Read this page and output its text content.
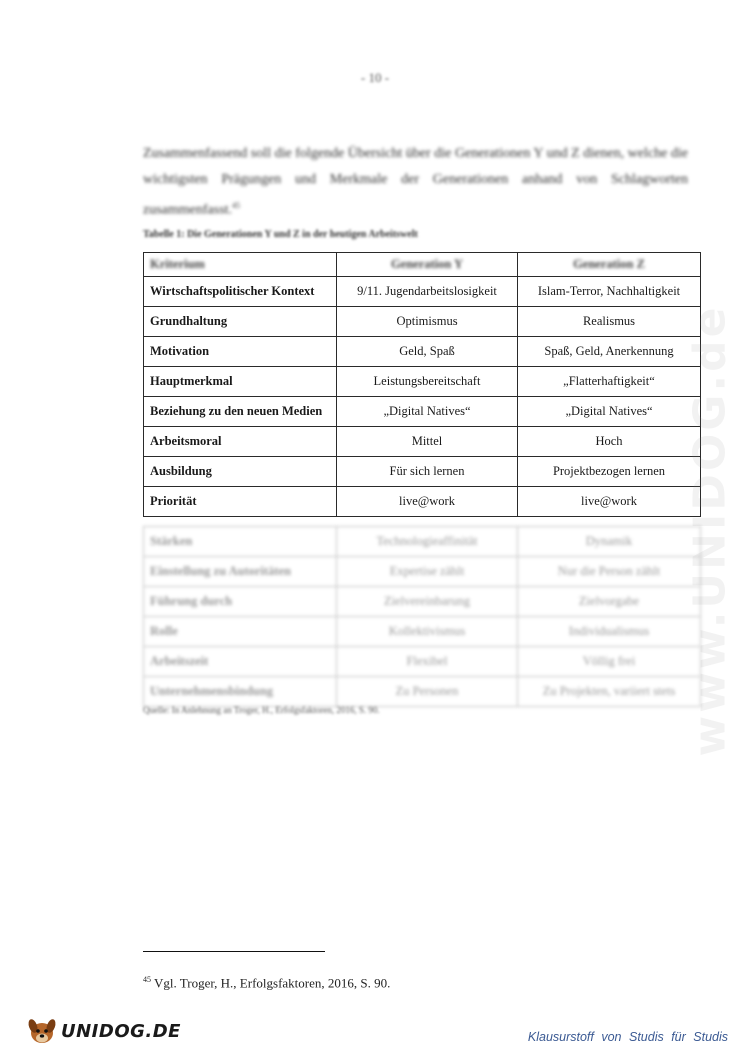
- 10 -
Zusammenfassend soll die folgende Übersicht über die Generationen Y und Z dienen, welche die wichtigsten Prägungen und Merkmale der Generationen anhand von Schlagworten zusammenfasst.$^{45}$
Tabelle 1: Die Generationen Y und Z in der heutigen Arbeitswelt
Kriterium	Generation Y	Generation Z
Wirtschaftspolitischer Kontext	9/11. Jugendarbeitslosigkeit	Islam-Terror, Nachhaltigkeit
Grundhaltung	Optimismus	Realismus
Motivation	Geld, Spaß	Spaß, Geld, Anerkennung
Hauptmerkmal	Leistungsbereitschaft	„Flatterhaftigkeit“
Beziehung zu den neuen Medien	„Digital Natives“	„Digital Natives“
Arbeitsmoral	Mittel	Hoch
Ausbildung	Für sich lernen	Projektbezogen lernen
Priorität	live@work	live@work
Stärken	Technologieaffinität	Dynamik
Einstellung zu Autoritäten	Expertise zählt	Nur die Person zählt
Führung durch	Zielvereinbarung	Zielvorgabe
Rolle	Kollektivismus	Individualismus
Arbeitszeit	Flexibel	Völlig frei
Unternehmensbindung	Zu Personen	Zu Projekten, variiert stets
Quelle: In Anlehnung an Troger, H., Erfolgsfaktoren, 2016, S. 90.
$^{45}$ Vgl. Troger, H., Erfolgsfaktoren, 2016, S. 90.
www.UNIDOG.de
UNIDOG.DE	Klausurstoff von Studis für Studis
